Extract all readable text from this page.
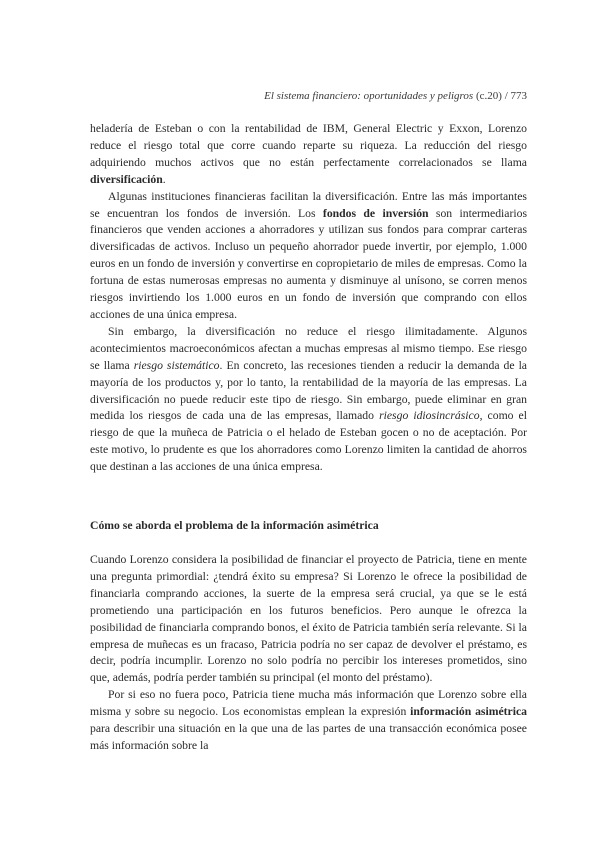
El sistema financiero: oportunidades y peligros (c.20) / 773

heladería de Esteban o con la rentabilidad de IBM, General Electric y Exxon, Lorenzo reduce el riesgo total que corre cuando reparte su riqueza. La reducción del riesgo adquiriendo muchos activos que no están perfectamente correlacionados se llama diversificación.

Algunas instituciones financieras facilitan la diversificación. Entre las más importantes se encuentran los fondos de inversión. Los fondos de inversión son intermediarios financieros que venden acciones a ahorradores y utilizan sus fondos para comprar carteras diversificadas de activos. Incluso un pequeño ahorrador puede invertir, por ejemplo, 1.000 euros en un fondo de inversión y convertirse en copropietario de miles de empresas. Como la fortuna de estas numerosas empresas no aumenta y disminuye al unísono, se corren menos riesgos invirtiendo los 1.000 euros en un fondo de inversión que comprando con ellos acciones de una única empresa.

Sin embargo, la diversificación no reduce el riesgo ilimitadamente. Algunos acontecimientos macroeconómicos afectan a muchas empresas al mismo tiempo. Ese riesgo se llama riesgo sistemático. En concreto, las recesiones tienden a reducir la demanda de la mayoría de los productos y, por lo tanto, la rentabilidad de la mayoría de las empresas. La diversificación no puede reducir este tipo de riesgo. Sin embargo, puede eliminar en gran medida los riesgos de cada una de las empresas, llamado riesgo idiosincrásico, como el riesgo de que la muñeca de Patricia o el helado de Esteban gocen o no de aceptación. Por este motivo, lo prudente es que los ahorradores como Lorenzo limiten la cantidad de ahorros que destinan a las acciones de una única empresa.

Cómo se aborda el problema de la información asimétrica

Cuando Lorenzo considera la posibilidad de financiar el proyecto de Patricia, tiene en mente una pregunta primordial: ¿tendrá éxito su empresa? Si Lorenzo le ofrece la posibilidad de financiarla comprando acciones, la suerte de la empresa será crucial, ya que se le está prometiendo una participación en los futuros beneficios. Pero aunque le ofrezca la posibilidad de financiarla comprando bonos, el éxito de Patricia también sería relevante. Si la empresa de muñecas es un fracaso, Patricia podría no ser capaz de devolver el préstamo, es decir, podría incumplir. Lorenzo no solo podría no percibir los intereses prometidos, sino que, además, podría perder también su principal (el monto del préstamo).

Por si eso no fuera poco, Patricia tiene mucha más información que Lorenzo sobre ella misma y sobre su negocio. Los economistas emplean la expresión información asimétrica para describir una situación en la que una de las partes de una transacción económica posee más información sobre la
